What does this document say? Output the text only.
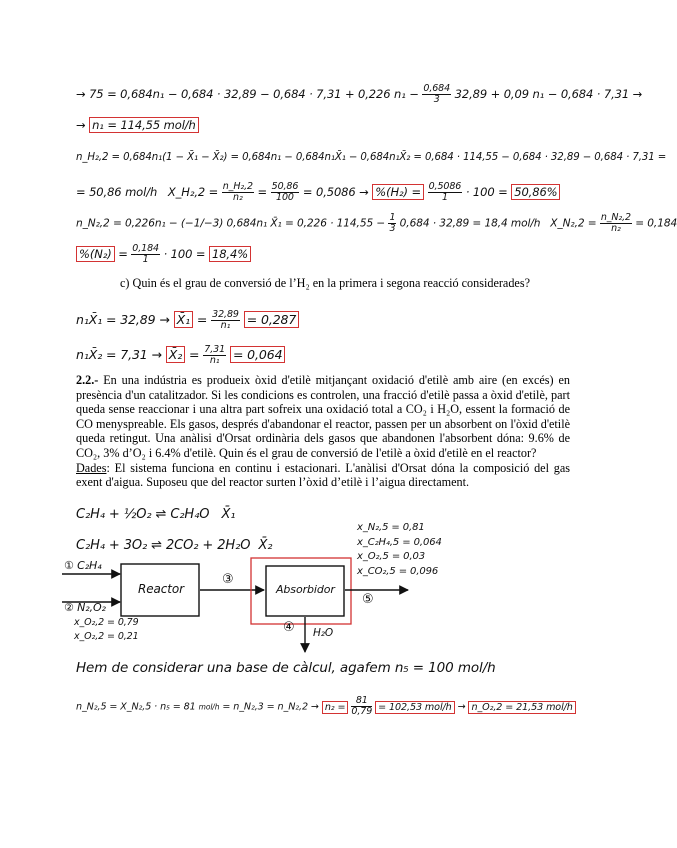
→ 75 = 0,684n₁ − 0,684 · 32,89 − 0,684 · 7,31 + 0,226 $n_1 - \frac{0,684}{3} 32,89 + 0,09$ n₁ − 0,684 · 7,31 →
→ n₁ = 114,55 mol/h
n_H₂,2 = 0,684n₁(1 − X̄₁ − X̄₂) = 0,684n₁ − 0,684n₁X̄₁ − 0,684n₁X̄₂ = 0,684 · 114,55 − 0,684 · 32,89 − 0,684 · 7,31 =
= 50,86 mol/h X_H₂,2 = $\frac{\text{n\_H₂,2}}{\text{n₂}} = \frac{50,86}{100} = 0,5086 \to \%(H_2) = \frac{0,5086}{1} \cdot 100 = 50,86\%$
n_N₂,2 = 0,226n₁ − (−1/−3) 0,684n₁ X̄₁ = $0,226 \cdot 114,55 - \frac{1}{3} 0,684 \cdot 32,89 = 18,4$ mol/h X_N₂,2 = $\frac{\text{n\_N₂,2}}{\text{n₂}} = 0,184$
$\%(N_2) = \frac{0,184}{1} \cdot 100 = 18,4\%$
c) Quin és el grau de conversió de l’H₂ en la primera i segona reacció considerades?
n₁X̄₁ = 32,89 → X̄₁ = $\frac{32,89}{\text{n₁}} = 0,287$
n₁X̄₂ = 7,31 → X̄₂ = $\frac{7,31}{\text{n₁}} = 0,064$
2.2.- En una indústria es produeix òxid d'etilè mitjançant oxidació d'etilè amb aire (en excés) en presència d'un catalitzador. Si les condicions es controlen, una fracció d'etilè passa a òxid d'etilè, part queda sense reaccionar i una altra part sofreix una oxidació total a CO₂ i H₂O, essent la formació de CO menyspreable. Els gasos, després d'abandonar el reactor, passen per un absorbent on l'òxid d'etilè queda retingut. Una anàlisi d'Orsat ordinària dels gasos que abandonen l'absorbent dóna: 9.6% de CO₂, 3% d’O₂ i 6.4% d'etilè. Quin és el grau de conversió de l'etilè a òxid d'etilè en el reactor?
Dades: El sistema funciona en continu i estacionari. L'anàlisi d'Orsat dóna la composició del gas exent d'aigua. Suposeu que del reactor surten l’òxid d’etilè i l’aigua directament.
C₂H₄ + ½O₂ ⇌ C₂H₄O X̄₁
C₂H₄ + 3O₂ ⇌ 2CO₂ + 2H₂O X̄₂
x_N₂,5 = 0,81
x_C₂H₄,5 = 0,064
x_O₂,5 = 0,03
x_CO₂,5 = 0,096
① C₂H₄
② N₂,O₂
x_O₂,2 = 0,79
x_O₂,2 = 0,21
Reactor
③
Absorbidor
⑤
④ H₂O
Hem de considerar una base de càlcul, agafem n₅ = 100 mol/h
n_N₂,5 = X_N₂,5 · n₅ = 81 mol/h = n_N₂,3 = n_N₂,2 → $n_2 = \frac{81}{0,79} = 102,53$ mol/h → n_O₂,2 = 21,53 mol/h
